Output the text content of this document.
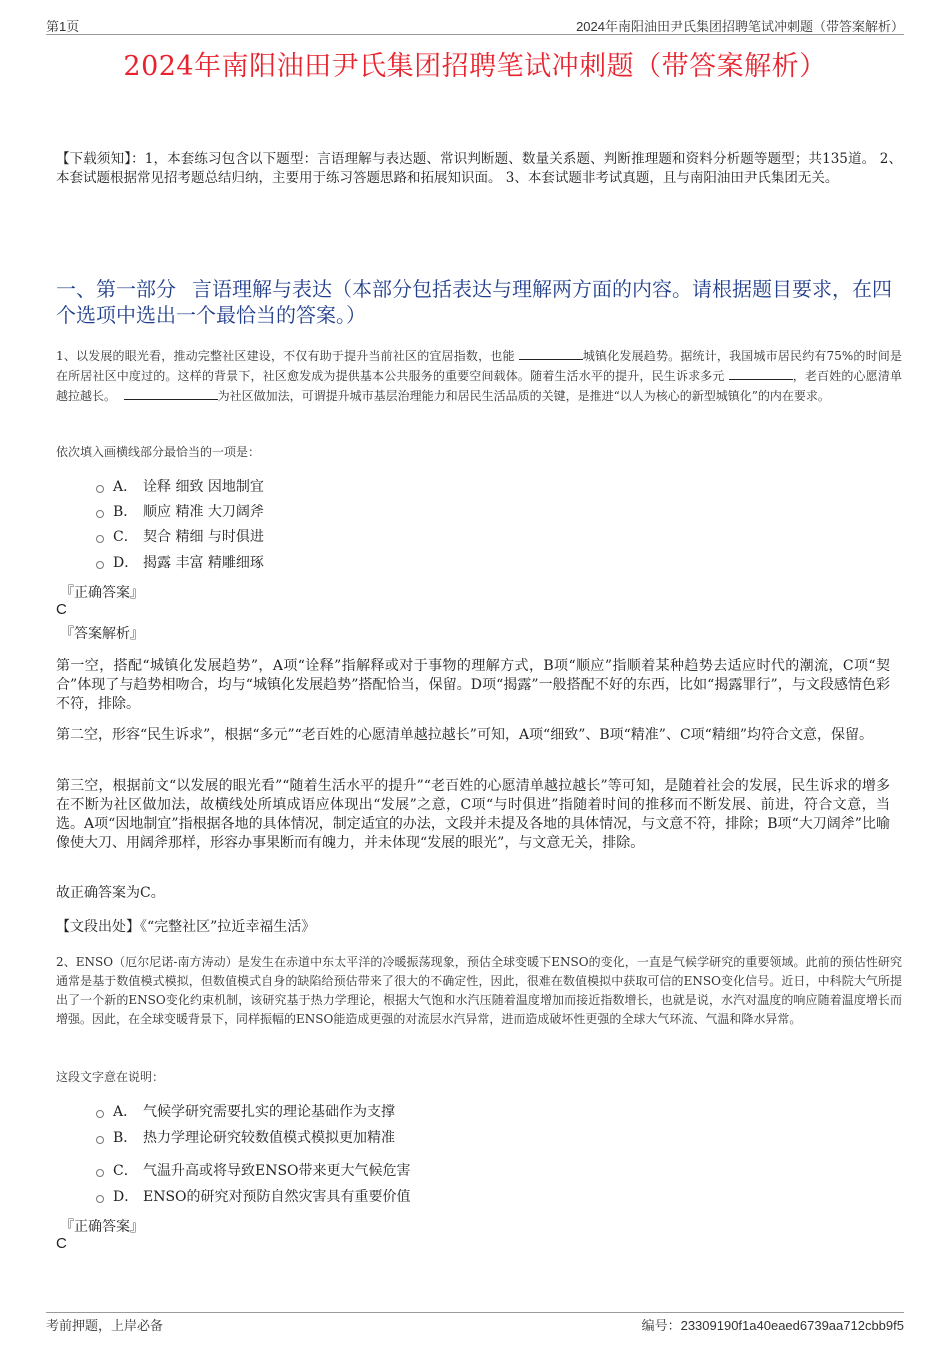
第1页	2024年南阳油田尹氏集团招聘笔试冲刺题（带答案解析）
2024年南阳油田尹氏集团招聘笔试冲刺题（带答案解析）
【下载须知】：1，本套练习包含以下题型：言语理解与表达题、常识判断题、数量关系题、判断推理题和资料分析题等题型；共135道。 2、本套试题根据常见招考题总结归纳，主要用于练习答题思路和拓展知识面。 3、本套试题非考试真题，且与南阳油田尹氏集团无关。
一、第一部分 言语理解与表达（本部分包括表达与理解两方面的内容。请根据题目要求，在四个选项中选出一个最恰当的答案。）
1、以发展的眼光看，推动完整社区建设，不仅有助于提升当前社区的宜居指数，也能	城镇化发展趋势。据统计，我国城市居民约有75%的时间是在所居社区中度过的。这样的背景下，社区愈发成为提供基本公共服务的重要空间载体。随着生活水平的提升，民生诉求多元	，老百姓的心愿清单越拉越长。	为社区做加法，可谓提升城市基层治理能力和居民生活品质的关键，是推进“以人为核心的新型城镇化”的内在要求。
依次填入画横线部分最恰当的一项是：
A． 诠释 细致 因地制宜
B． 顺应 精准 大刀阔斧
C． 契合 精细 与时俱进
D． 揭露 丰富 精雕细琢
『正确答案』
C
『答案解析』
第一空，搭配“城镇化发展趋势”，A项“诠释”指解释或对于事物的理解方式，B项“顺应”指顺着某种趋势去适应时代的潮流，C项“契合”体现了与趋势相吻合，均与“城镇化发展趋势”搭配恰当，保留。D项“揭露”一般搭配不好的东西，比如“揭露罪行”，与文段感情色彩不符，排除。
第二空，形容“民生诉求”，根据“多元”“老百姓的心愿清单越拉越长”可知，A项“细致”、B项“精准”、C项“精细”均符合文意，保留。
第三空，根据前文“以发展的眼光看”“随着生活水平的提升”“老百姓的心愿清单越拉越长”等可知，是随着社会的发展，民生诉求的增多在不断为社区做加法，故横线处所填成语应体现出“发展”之意，C项“与时俱进”指随着时间的推移而不断发展、前进，符合文意，当选。A项“因地制宜”指根据各地的具体情况，制定适宜的办法，文段并未提及各地的具体情况，与文意不符，排除；B项“大刀阔斧”比喻像使大刀、用阔斧那样，形容办事果断而有魄力，并未体现“发展的眼光”，与文意无关，排除。
故正确答案为C。
【文段出处】《“完整社区”拉近幸福生活》
2、ENSO（厄尔尼诺-南方涛动）是发生在赤道中东太平洋的冷暖振荡现象，预估全球变暖下ENSO的变化，一直是气候学研究的重要领域。此前的预估性研究通常是基于数值模式模拟，但数值模式自身的缺陷给预估带来了很大的不确定性，因此，很难在数值模拟中获取可信的ENSO变化信号。近日，中科院大气所提出了一个新的ENSO变化约束机制，该研究基于热力学理论，根据大气饱和水汽压随着温度增加而接近指数增长，也就是说，水汽对温度的响应随着温度增长而增强。因此，在全球变暖背景下，同样振幅的ENSO能造成更强的对流层水汽异常，进而造成破坏性更强的全球大气环流、气温和降水异常。
这段文字意在说明：
A． 气候学研究需要扎实的理论基础作为支撑
B． 热力学理论研究较数值模式模拟更加精准
C． 气温升高或将导致ENSO带来更大气候危害
D． ENSO的研究对预防自然灾害具有重要价值
『正确答案』
C
考前押题，上岸必备	编号：23309190f1a40eaed6739aa712cbb9f5
